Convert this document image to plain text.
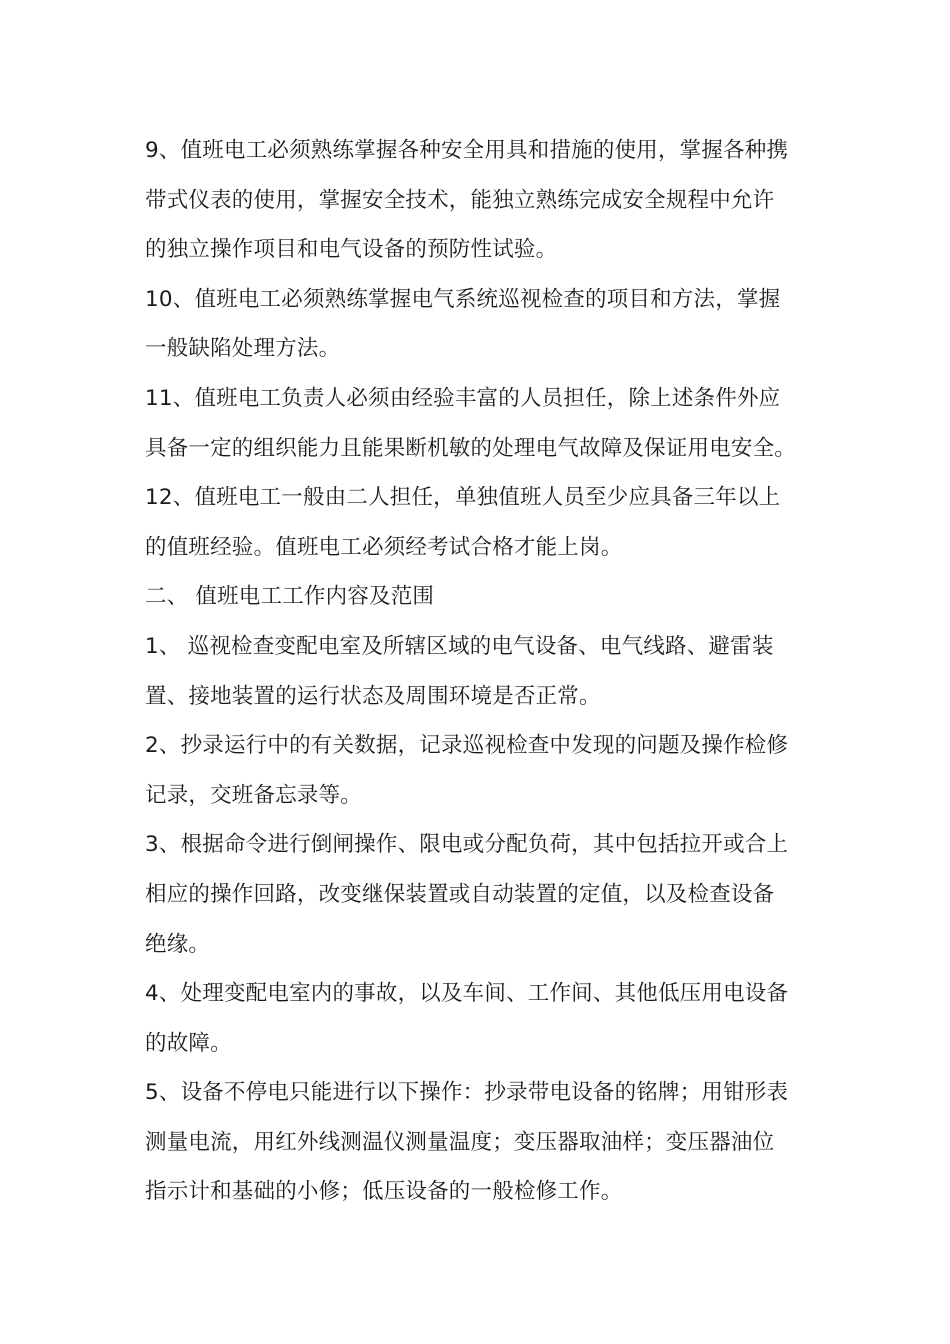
9、值班电工必须熟练掌握各种安全用具和措施的使用，掌握各种携
带式仪表的使用，掌握安全技术，能独立熟练完成安全规程中允许
的独立操作项目和电气设备的预防性试验。
10、值班电工必须熟练掌握电气系统巡视检查的项目和方法，掌握
一般缺陷处理方法。
11、值班电工负责人必须由经验丰富的人员担任，除上述条件外应
具备一定的组织能力且能果断机敏的处理电气故障及保证用电安全。
12、值班电工一般由二人担任，单独值班人员至少应具备三年以上
的值班经验。值班电工必须经考试合格才能上岗。
二、 值班电工工作内容及范围
1、 巡视检查变配电室及所辖区域的电气设备、电气线路、避雷装
置、接地装置的运行状态及周围环境是否正常。
2、抄录运行中的有关数据，记录巡视检查中发现的问题及操作检修
记录，交班备忘录等。
3、根据命令进行倒闸操作、限电或分配负荷，其中包括拉开或合上
相应的操作回路，改变继保装置或自动装置的定值，以及检查设备
绝缘。
4、处理变配电室内的事故，以及车间、工作间、其他低压用电设备
的故障。
5、设备不停电只能进行以下操作：抄录带电设备的铭牌；用钳形表
测量电流，用红外线测温仪测量温度；变压器取油样；变压器油位
指示计和基础的小修；低压设备的一般检修工作。
